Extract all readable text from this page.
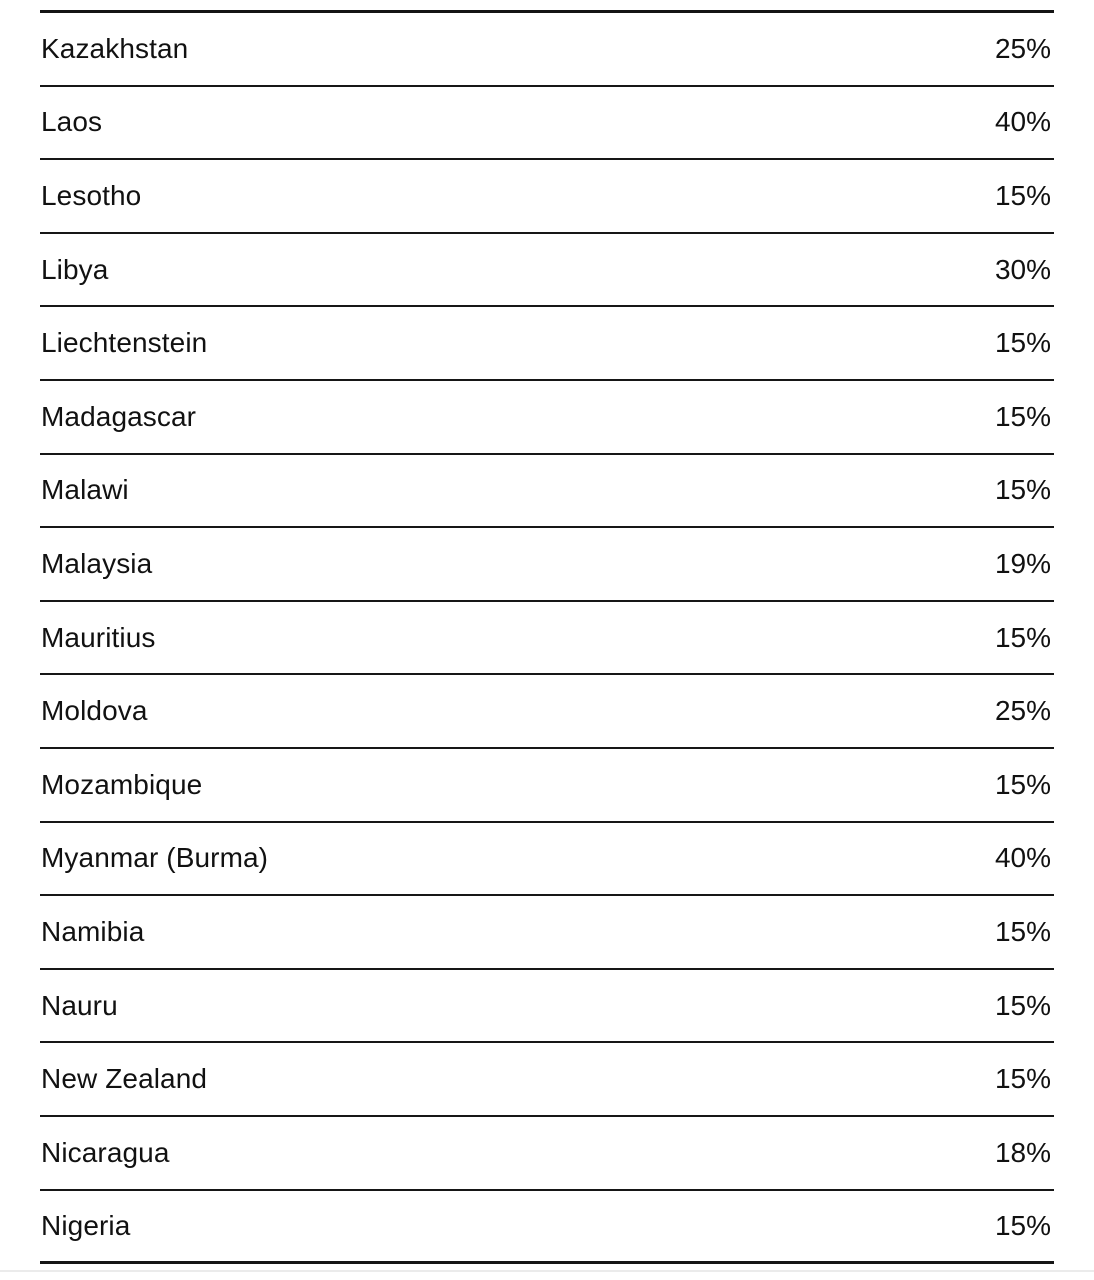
Kazakhstan	25%
Laos	40%
Lesotho	15%
Libya	30%
Liechtenstein	15%
Madagascar	15%
Malawi	15%
Malaysia	19%
Mauritius	15%
Moldova	25%
Mozambique	15%
Myanmar (Burma)	40%
Namibia	15%
Nauru	15%
New Zealand	15%
Nicaragua	18%
Nigeria	15%
